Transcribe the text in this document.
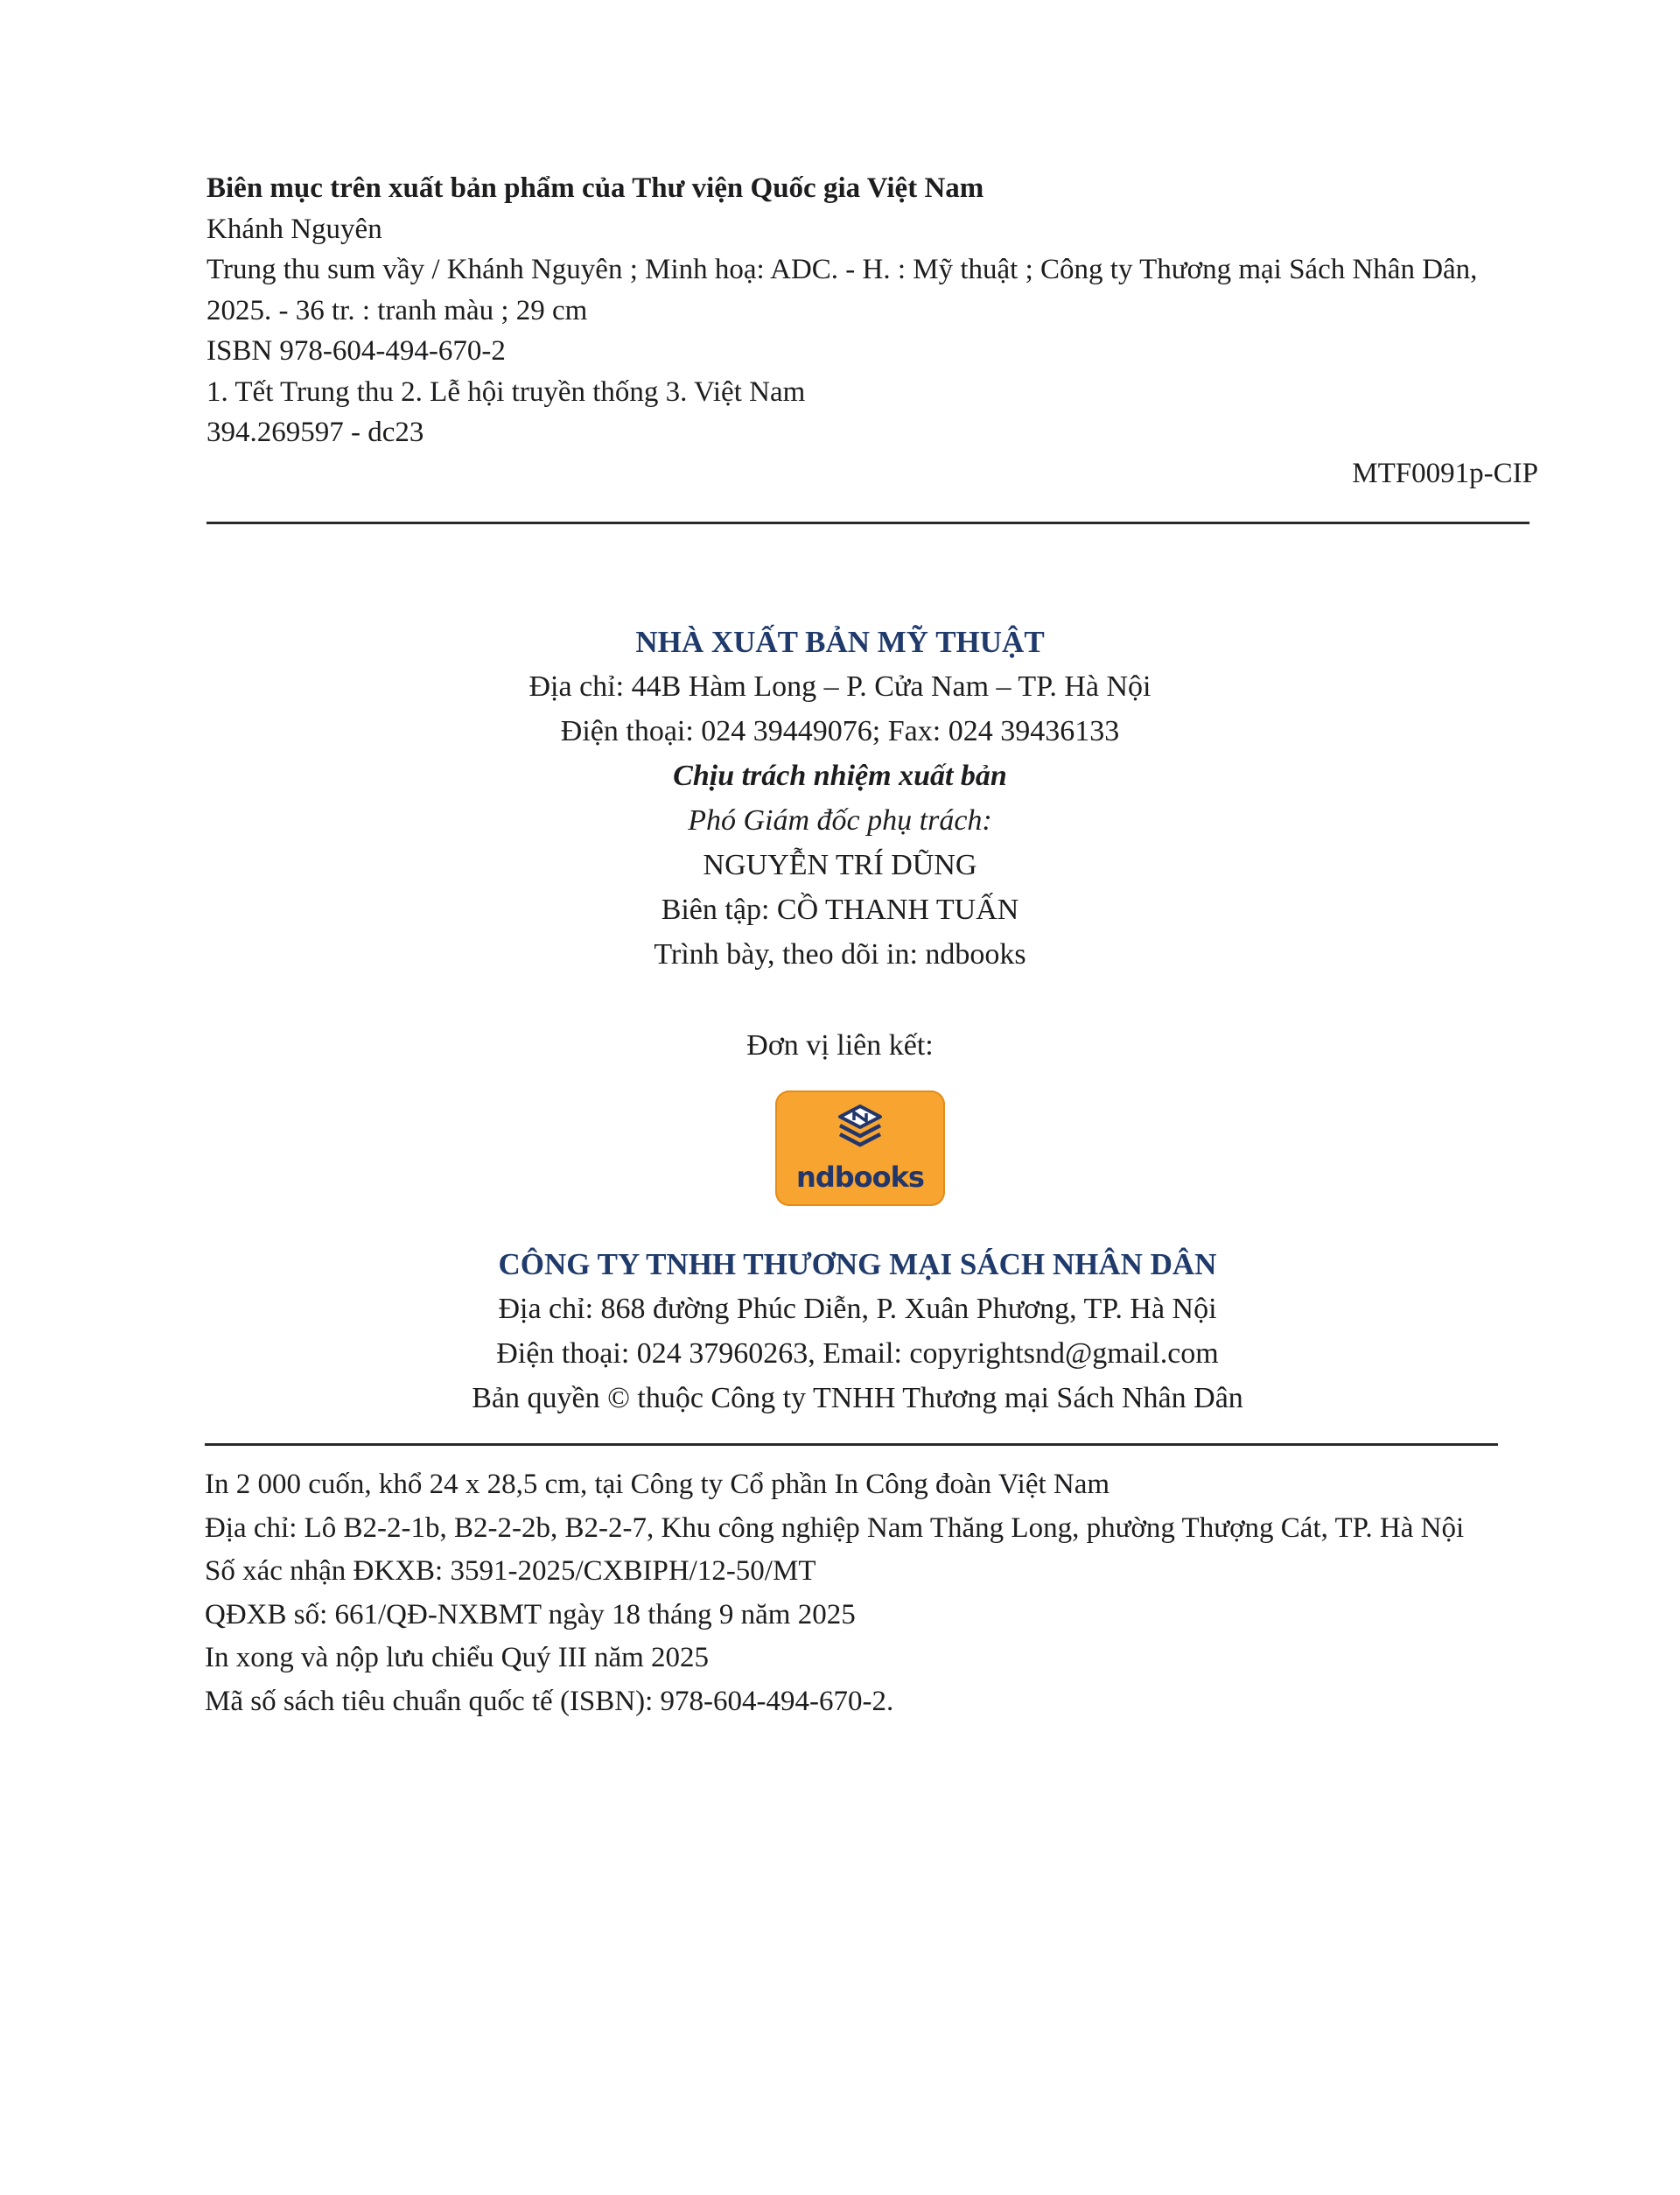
Biên mục trên xuất bản phẩm của Thư viện Quốc gia Việt Nam
Khánh Nguyên
Trung thu sum vầy / Khánh Nguyên ; Minh hoạ: ADC. - H. : Mỹ thuật ; Công ty Thương mại Sách Nhân Dân,
2025. - 36 tr. : tranh màu ; 29 cm
ISBN 978-604-494-670-2
1. Tết Trung thu 2. Lễ hội truyền thống 3. Việt Nam
394.269597 - dc23
MTF0091p-CIP
NHÀ XUẤT BẢN MỸ THUẬT
Địa chỉ: 44B Hàm Long – P. Cửa Nam – TP. Hà Nội
Điện thoại: 024 39449076; Fax: 024 39436133
Chịu trách nhiệm xuất bản
Phó Giám đốc phụ trách:
NGUYỄN TRÍ DŨNG
Biên tập: CỒ THANH TUẤN
Trình bày, theo dõi in: ndbooks
Đơn vị liên kết:
ndbooks
CÔNG TY TNHH THƯƠNG MẠI SÁCH NHÂN DÂN
Địa chỉ: 868 đường Phúc Diễn, P. Xuân Phương, TP. Hà Nội
Điện thoại: 024 37960263, Email: copyrightsnd@gmail.com
Bản quyền © thuộc Công ty TNHH Thương mại Sách Nhân Dân
In 2 000 cuốn, khổ 24 x 28,5 cm, tại Công ty Cổ phần In Công đoàn Việt Nam
Địa chỉ: Lô B2-2-1b, B2-2-2b, B2-2-7, Khu công nghiệp Nam Thăng Long, phường Thượng Cát, TP. Hà Nội
Số xác nhận ĐKXB: 3591-2025/CXBIPH/12-50/MT
QĐXB số: 661/QĐ-NXBMT ngày 18 tháng 9 năm 2025
In xong và nộp lưu chiểu Quý III năm 2025
Mã số sách tiêu chuẩn quốc tế (ISBN): 978-604-494-670-2.
